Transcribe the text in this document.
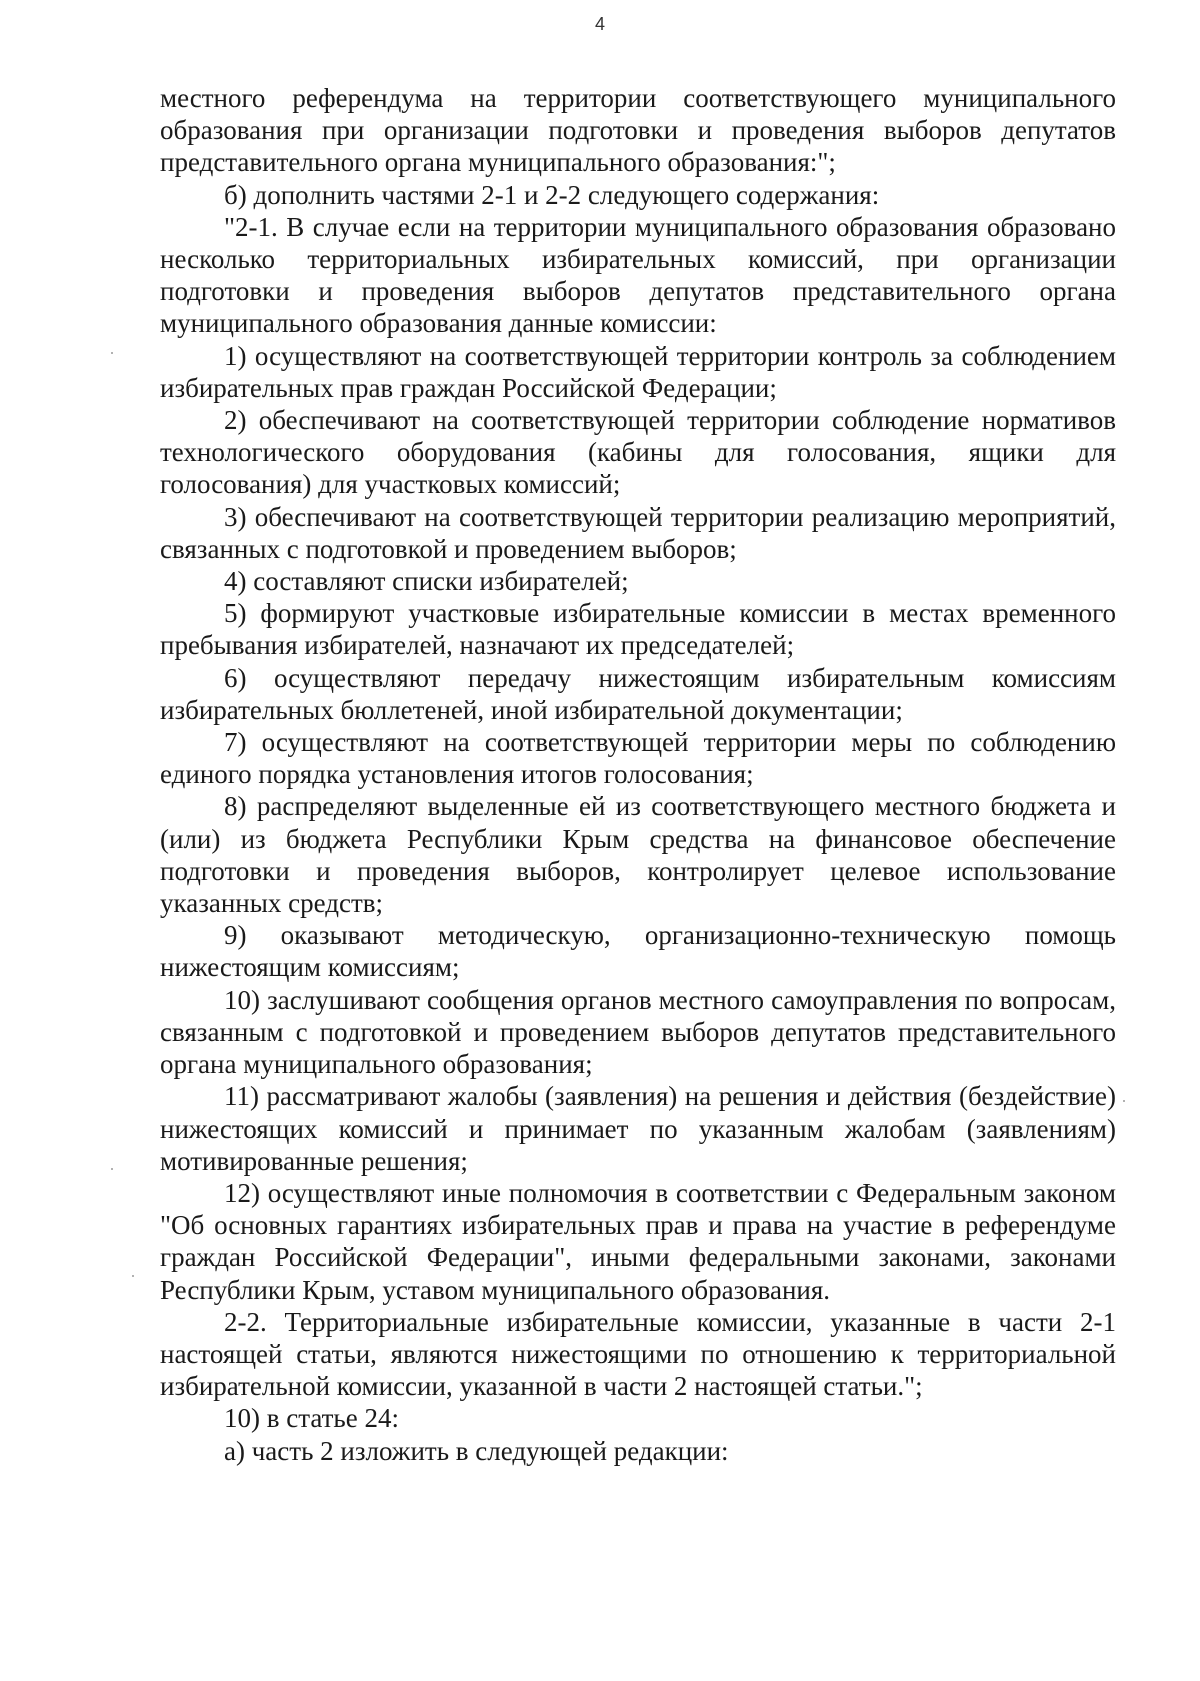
4

местного референдума на территории соответствующего муниципального образования при организации подготовки и проведения выборов депутатов представительного органа муниципального образования:";

б) дополнить частями 2-1 и 2-2 следующего содержания:

"2-1. В случае если на территории муниципального образования образовано несколько территориальных избирательных комиссий, при организации подготовки и проведения выборов депутатов представительного органа муниципального образования данные комиссии:

1) осуществляют на соответствующей территории контроль за соблюдением избирательных прав граждан Российской Федерации;

2) обеспечивают на соответствующей территории соблюдение нормативов технологического оборудования (кабины для голосования, ящики для голосования) для участковых комиссий;

3) обеспечивают на соответствующей территории реализацию мероприятий, связанных с подготовкой и проведением выборов;

4) составляют списки избирателей;

5) формируют участковые избирательные комиссии в местах временного пребывания избирателей, назначают их председателей;

6) осуществляют передачу нижестоящим избирательным комиссиям избирательных бюллетеней, иной избирательной документации;

7) осуществляют на соответствующей территории меры по соблюдению единого порядка установления итогов голосования;

8) распределяют выделенные ей из соответствующего местного бюджета и (или) из бюджета Республики Крым средства на финансовое обеспечение подготовки и проведения выборов, контролирует целевое использование указанных средств;

9) оказывают методическую, организационно-техническую помощь нижестоящим комиссиям;

10) заслушивают сообщения органов местного самоуправления по вопросам, связанным с подготовкой и проведением выборов депутатов представительного органа муниципального образования;

11) рассматривают жалобы (заявления) на решения и действия (бездействие) нижестоящих комиссий и принимает по указанным жалобам (заявлениям) мотивированные решения;

12) осуществляют иные полномочия в соответствии с Федеральным законом "Об основных гарантиях избирательных прав и права на участие в референдуме граждан Российской Федерации", иными федеральными законами, законами Республики Крым, уставом муниципального образования.

2-2. Территориальные избирательные комиссии, указанные в части 2-1 настоящей статьи, являются нижестоящими по отношению к территориальной избирательной комиссии, указанной в части 2 настоящей статьи.";

10) в статье 24:

а) часть 2 изложить в следующей редакции:
